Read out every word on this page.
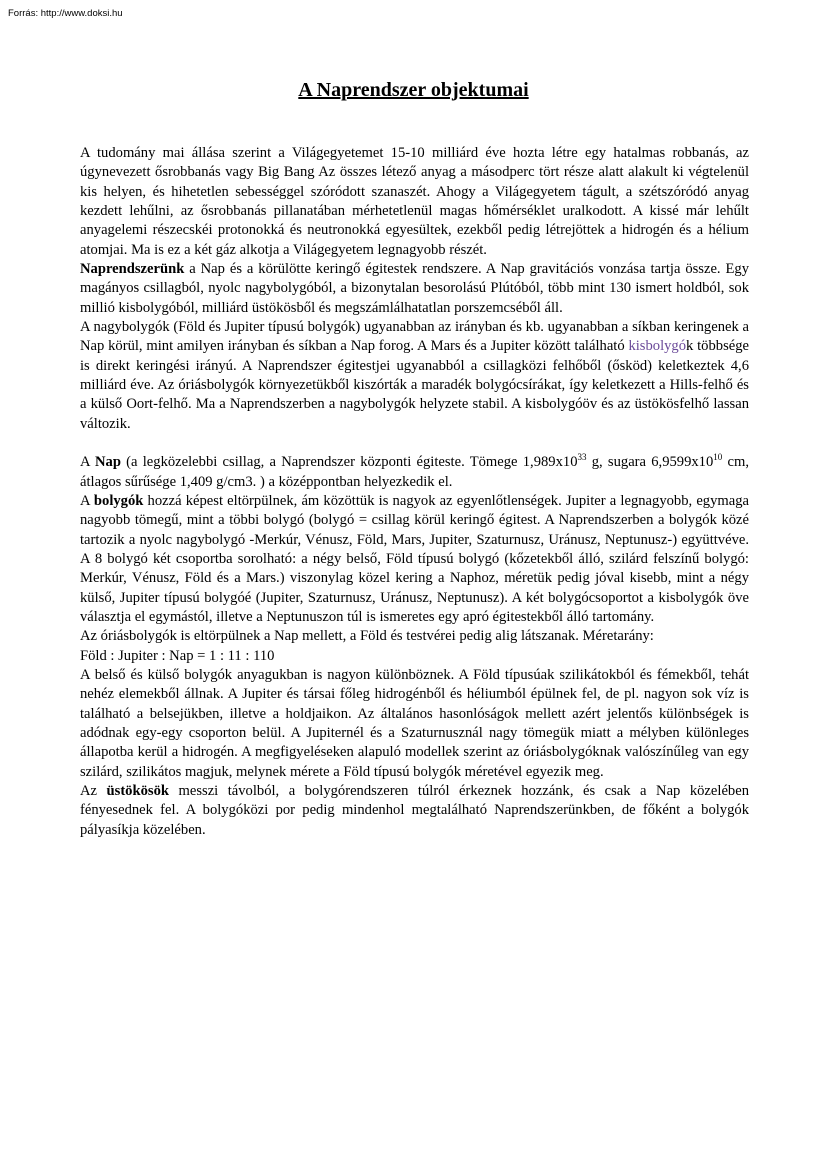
Forrás: http://www.doksi.hu
A Naprendszer objektumai

A tudomány mai állása szerint a Világegyetemet 15-10 milliárd éve hozta létre egy hatalmas robbanás, az úgynevezett ősrobbanás vagy Big Bang Az összes létező anyag a másodperc tört része alatt alakult ki végtelenül kis helyen, és hihetetlen sebességgel szóródott szanaszét. Ahogy a Világegyetem tágult, a szétszóródó anyag kezdett lehűlni, az ősrobbanás pillanatában mérhetetlenül magas hőmérséklet uralkodott. A kissé már lehűlt anyagelemi részecskéi protonokká és neutronokká egyesültek, ezekből pedig létrejöttek a hidrogén és a hélium atomjai. Ma is ez a két gáz alkotja a Világegyetem legnagyobb részét.

Naprendszerünk a Nap és a körülötte keringő égitestek rendszere. A Nap gravitációs vonzása tartja össze. Egy magányos csillagból, nyolc nagybolygóból, a bizonytalan besorolású Plútóból, több mint 130 ismert holdból, sok millió kisbolygóból, milliárd üstökösből és megszámlálhatatlan porszemcséből áll.

A nagybolygók (Föld és Jupiter típusú bolygók) ugyanabban az irányban és kb. ugyanabban a síkban keringenek a Nap körül, mint amilyen irányban és síkban a Nap forog. A Mars és a Jupiter között található kisbolygók többsége is direkt keringési irányú. A Naprendszer égitestjei ugyanabból a csillagközi felhőből (ősköd) keletkeztek 4,6 milliárd éve. Az óriásbolygók környezetükből kiszórták a maradék bolygócsírákat, így keletkezett a Hills-felhő és a külső Oort-felhő. Ma a Naprendszerben a nagybolygók helyzete stabil. A kisbolygóöv és az üstökösfelhő lassan változik.

A Nap (a legközelebbi csillag, a Naprendszer központi égiteste. Tömege $1,989x10^{33}$ g, sugara $6,9599x10^{10}$ cm, átlagos sűrűsége 1,409 g/cm3. ) a középpontban helyezkedik el.

A bolygók hozzá képest eltörpülnek, ám közöttük is nagyok az egyenlőtlenségek. Jupiter a legnagyobb, egymaga nagyobb tömegű, mint a többi bolygó (bolygó = csillag körül keringő égitest. A Naprendszerben a bolygók közé tartozik a nyolc nagybolygó -Merkúr, Vénusz, Föld, Mars, Jupiter, Szaturnusz, Uránusz, Neptunusz-) együttvéve. A 8 bolygó két csoportba sorolható: a négy belső, Föld típusú bolygó (kőzetekből álló, szilárd felszínű bolygó: Merkúr, Vénusz, Föld és a Mars.) viszonylag közel kering a Naphoz, méretük pedig jóval kisebb, mint a négy külső, Jupiter típusú bolygóé (Jupiter, Szaturnusz, Uránusz, Neptunusz). A két bolygócsoportot a kisbolygók öve választja el egymástól, illetve a Neptunuszon túl is ismeretes egy apró égitestekből álló tartomány.

Az óriásbolygók is eltörpülnek a Nap mellett, a Föld és testvérei pedig alig látszanak. Méretarány:

Föld : Jupiter : Nap = 1 : 11 : 110

A belső és külső bolygók anyagukban is nagyon különböznek. A Föld típusúak szilikátokból és fémekből, tehát nehéz elemekből állnak. A Jupiter és társai főleg hidrogénből és héliumból épülnek fel, de pl. nagyon sok víz is található a belsejükben, illetve a holdjaikon. Az általános hasonlóságok mellett azért jelentős különbségek is adódnak egy-egy csoporton belül. A Jupiternél és a Szaturnusznál nagy tömegük miatt a mélyben különleges állapotba kerül a hidrogén. A megfigyeléseken alapuló modellek szerint az óriásbolygóknak valószínűleg van egy szilárd, szilikátos magjuk, melynek mérete a Föld típusú bolygók méretével egyezik meg.

Az üstökösök messzi távolból, a bolygórendszeren túlról érkeznek hozzánk, és csak a Nap közelében fényesednek fel. A bolygóközi por pedig mindenhol megtalálható Naprendszerünkben, de főként a bolygók pályasíkja közelében.
